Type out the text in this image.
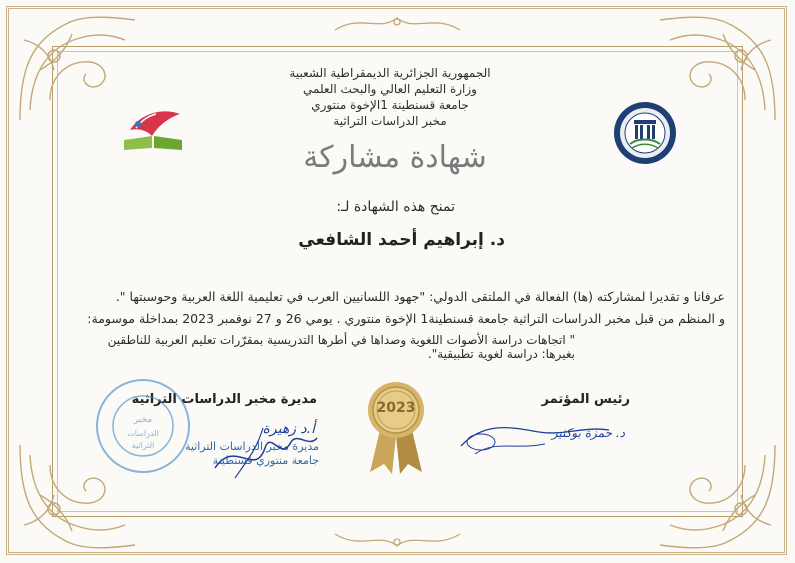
الجمهورية الجزائرية الديمقراطية الشعبية
وزارة التعليم العالي والبحث العلمي
جامعة قسنطينة 1الإخوة منتوري
مخبر الدراسات التراثية
شهادة مشاركة
تمنح هذه الشهادة لـ:
د. إبراهيم أحمد الشافعي
عرفانا و تقديرا لمشاركته (ها) الفعالة في الملتقى الدولي: "جهود اللسانيين العرب في تعليمية اللغة العربية وحوسبتها ".
و المنظم من قبل مخبر الدراسات التراثية جامعة قسنطينة1 الإخوة منتوري . يومي 26 و 27 نوفمبر 2023 بمداخلة موسومة:
" اتجاهات دراسة الأصوات اللغوية وصداها في أطرها التدريسية بمقرّرات تعليم العربية للناطقين بغيرها: دراسة لغوية تطبيقية".
مديرة مخبر الدراسات التراثية
مخبر
الدراسات
التراثية
أ.د زهيرة
مديرة مخبر الدراسات التراثية
جامعة منتوري قسنطينة
2023
رئيس المؤتمر
د. حمزة بوكثير
